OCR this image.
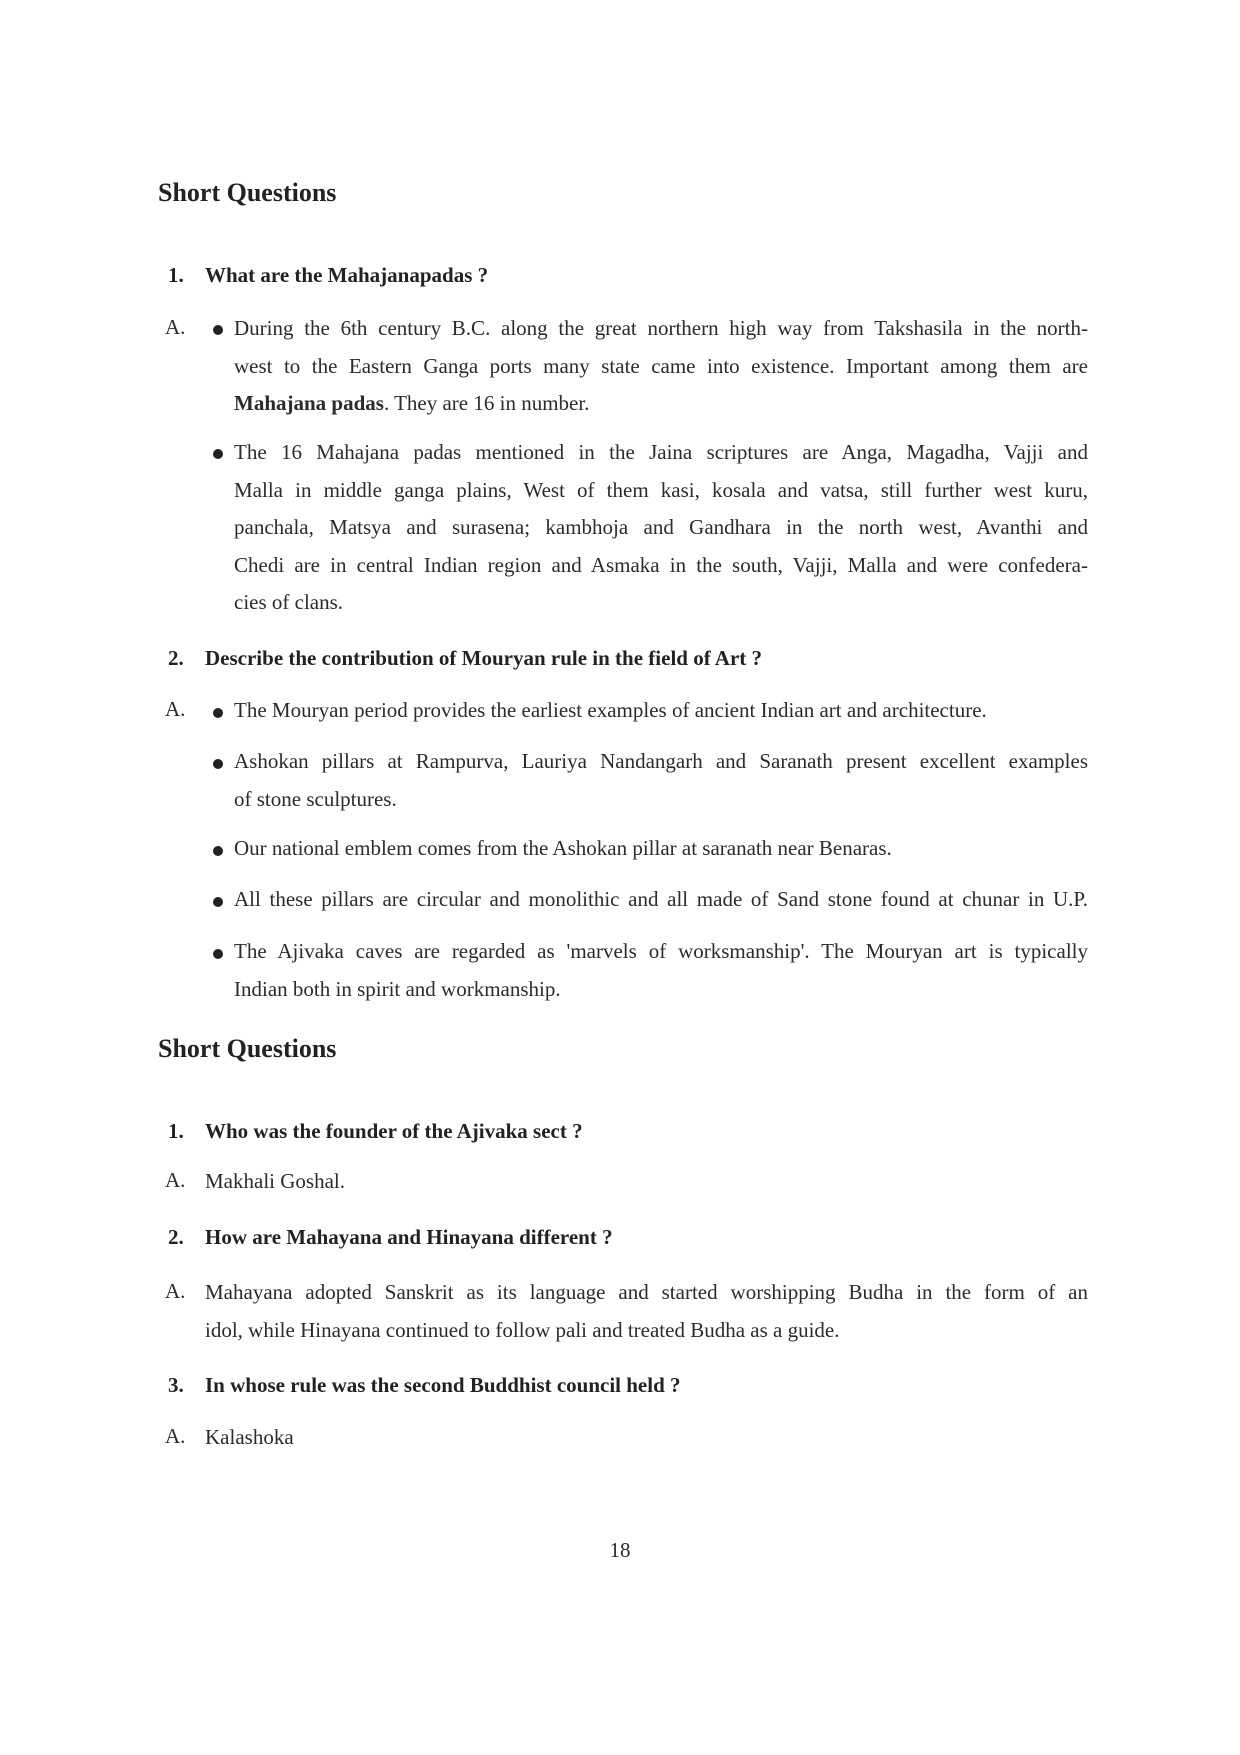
Short Questions
1. What are the Mahajanapadas ?
A. During the 6th century B.C. along the great northern high way from Takshasila in the north-
west to the Eastern Ganga ports many state came into existence. Important among them are
Mahajana padas. They are 16 in number.
The 16 Mahajana padas mentioned in the Jaina scriptures are Anga, Magadha, Vajji and
Malla in middle ganga plains, West of them kasi, kosala and vatsa, still further west kuru,
panchala, Matsya and surasena; kambhoja and Gandhara in the north west, Avanthi and
Chedi are in central Indian region and Asmaka in the south, Vajji, Malla and were confedera-
cies of clans.
2. Describe the contribution of Mouryan rule in the field of Art ?
A. The Mouryan period provides the earliest examples of ancient Indian art and architecture.
Ashokan pillars at Rampurva, Lauriya Nandangarh and Saranath present excellent examples
of stone sculptures.
Our national emblem comes from the Ashokan pillar at saranath near Benaras.
All these pillars are circular and monolithic and all made of Sand stone found at chunar in U.P.
The Ajivaka caves are regarded as 'marvels of worksmanship'. The Mouryan art is typically
Indian both in spirit and workmanship.
Short Questions
1. Who was the founder of the Ajivaka sect ?
A. Makhali Goshal.
2. How are Mahayana and Hinayana different ?
A. Mahayana adopted Sanskrit as its language and started worshipping Budha in the form of an
idol, while Hinayana continued to follow pali and treated Budha as a guide.
3. In whose rule was the second Buddhist council held ?
A. Kalashoka
18
